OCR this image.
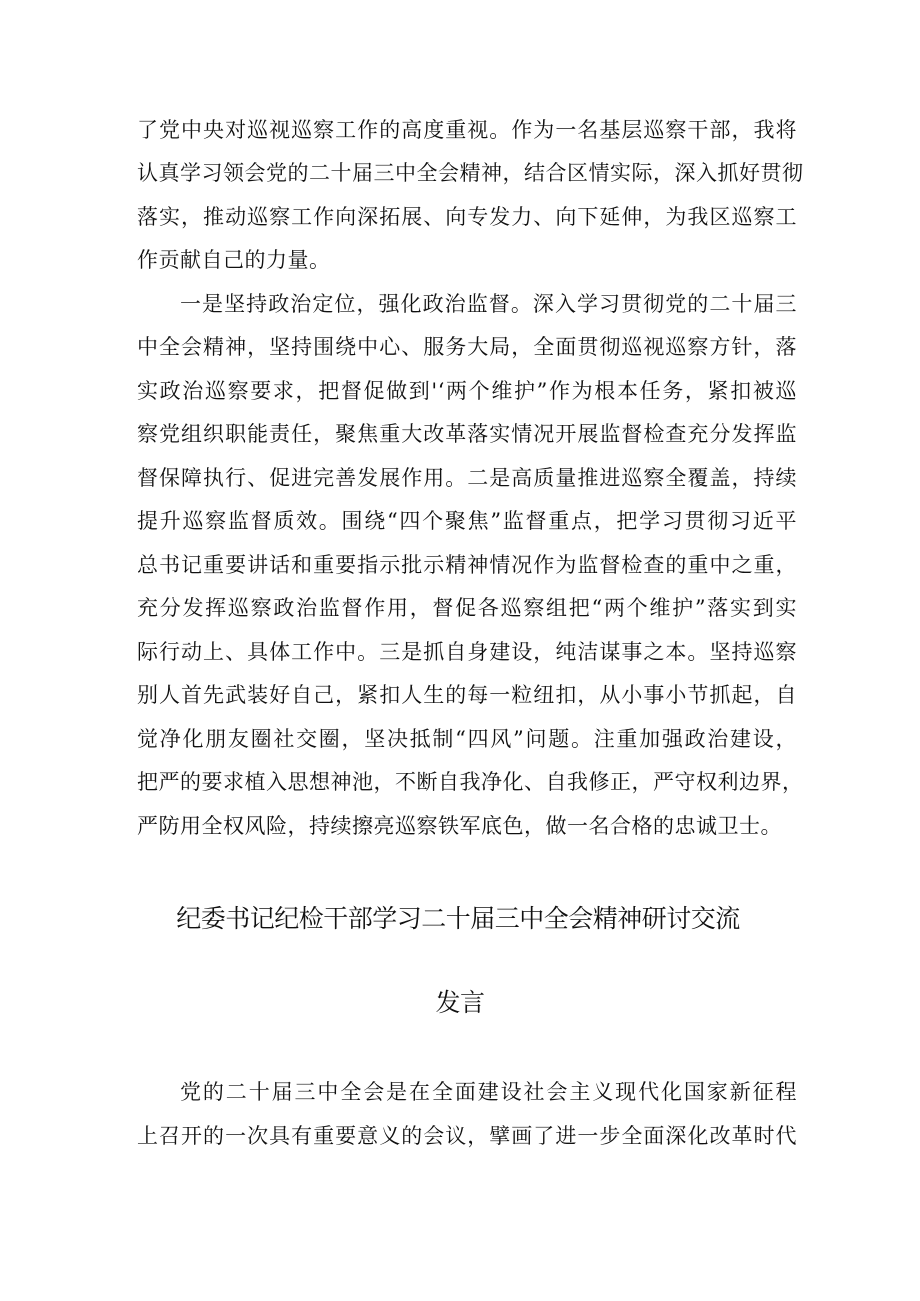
了党中央对巡视巡察工作的高度重视。作为一名基层巡察干部，我将
认真学习领会党的二十届三中全会精神，结合区情实际，深入抓好贯彻
落实，推动巡察工作向深拓展、向专发力、向下延伸，为我区巡察工
作贡献自己的力量。
一是坚持政治定位，强化政治监督。深入学习贯彻党的二十届三
中全会精神，坚持围绕中心、服务大局，全面贯彻巡视巡察方针，落
实政治巡察要求，把督促做到'‘两个维护”作为根本任务，紧扣被巡
察党组织职能责任，聚焦重大改革落实情况开展监督检查充分发挥监
督保障执行、促进完善发展作用。二是高质量推进巡察全覆盖，持续
提升巡察监督质效。围绕“四个聚焦”监督重点，把学习贯彻习近平
总书记重要讲话和重要指示批示精神情况作为监督检查的重中之重，
充分发挥巡察政治监督作用，督促各巡察组把“两个维护”落实到实
际行动上、具体工作中。三是抓自身建设，纯洁谋事之本。坚持巡察
别人首先武装好自己，紧扣人生的每一粒纽扣，从小事小节抓起，自
觉净化朋友圈社交圈，坚决抵制“四风”问题。注重加强政治建设，
把严的要求植入思想神池，不断自我净化、自我修正，严守权利边界，
严防用全权风险，持续擦亮巡察铁军底色，做一名合格的忠诚卫士。
纪委书记纪检干部学习二十届三中全会精神研讨交流
发言
党的二十届三中全会是在全面建设社会主义现代化国家新征程
上召开的一次具有重要意义的会议，擘画了进一步全面深化改革时代
